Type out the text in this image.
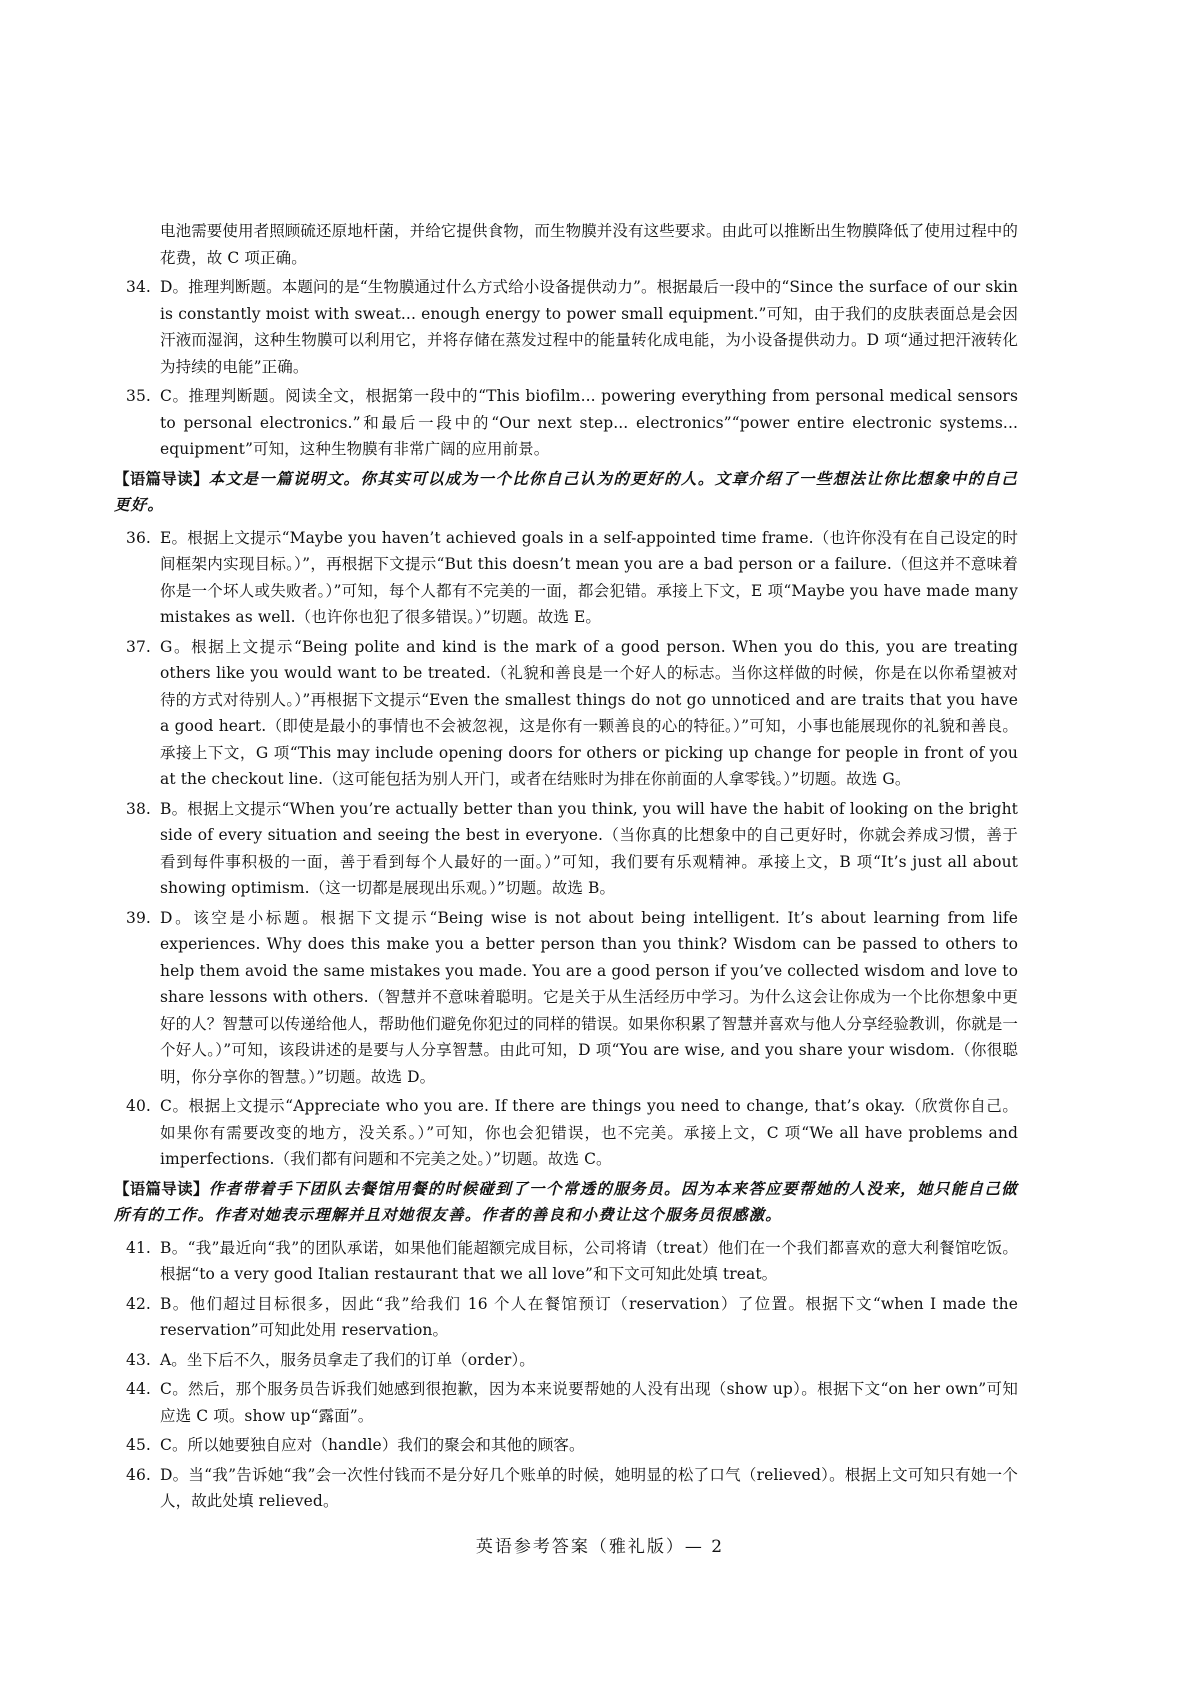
电池需要使用者照顾硫还原地杆菌，并给它提供食物，而生物膜并没有这些要求。由此可以推断出生物膜降低了使用过程中的花费，故 C 项正确。

34. D。推理判断题。本题问的是“生物膜通过什么方式给小设备提供动力”。根据最后一段中的“Since the surface of our skin is constantly moist with sweat... enough energy to power small equipment.”可知，由于我们的皮肤表面总是会因汗液而湿润，这种生物膜可以利用它，并将存储在蒸发过程中的能量转化成电能，为小设备提供动力。D 项“通过把汗液转化为持续的电能”正确。
35. C。推理判断题。阅读全文，根据第一段中的“This biofilm... powering everything from personal medical sensors to personal electronics.”和最后一段中的“Our next step... electronics”“power entire electronic systems... equipment”可知，这种生物膜有非常广阔的应用前景。

【语篇导读】本文是一篇说明文。你其实可以成为一个比你自己认为的更好的人。文章介绍了一些想法让你比想象中的自己更好。

36. E。根据上文提示“Maybe you haven’t achieved goals in a self-appointed time frame.（也许你没有在自己设定的时间框架内实现目标。）”，再根据下文提示“But this doesn’t mean you are a bad person or a failure.（但这并不意味着你是一个坏人或失败者。）”可知，每个人都有不完美的一面，都会犯错。承接上下文，E 项“Maybe you have made many mistakes as well.（也许你也犯了很多错误。）”切题。故选 E。
37. G。根据上文提示“Being polite and kind is the mark of a good person. When you do this, you are treating others like you would want to be treated.（礼貌和善良是一个好人的标志。当你这样做的时候，你是在以你希望被对待的方式对待别人。）”再根据下文提示“Even the smallest things do not go unnoticed and are traits that you have a good heart.（即使是最小的事情也不会被忽视，这是你有一颗善良的心的特征。）”可知，小事也能展现你的礼貌和善良。承接上下文，G 项“This may include opening doors for others or picking up change for people in front of you at the checkout line.（这可能包括为别人开门，或者在结账时为排在你前面的人拿零钱。）”切题。故选 G。
38. B。根据上文提示“When you’re actually better than you think, you will have the habit of looking on the bright side of every situation and seeing the best in everyone.（当你真的比想象中的自己更好时，你就会养成习惯，善于看到每件事积极的一面，善于看到每个人最好的一面。）”可知，我们要有乐观精神。承接上文，B 项“It’s just all about showing optimism.（这一切都是展现出乐观。）”切题。故选 B。
39. D。该空是小标题。根据下文提示“Being wise is not about being intelligent. It’s about learning from life experiences. Why does this make you a better person than you think? Wisdom can be passed to others to help them avoid the same mistakes you made. You are a good person if you’ve collected wisdom and love to share lessons with others.（智慧并不意味着聪明。它是关于从生活经历中学习。为什么这会让你成为一个比你想象中更好的人？智慧可以传递给他人，帮助他们避免你犯过的同样的错误。如果你积累了智慧并喜欢与他人分享经验教训，你就是一个好人。）”可知，该段讲述的是要与人分享智慧。由此可知，D 项“You are wise, and you share your wisdom.（你很聪明，你分享你的智慧。）”切题。故选 D。
40. C。根据上文提示“Appreciate who you are. If there are things you need to change, that’s okay.（欣赏你自己。如果你有需要改变的地方，没关系。）”可知，你也会犯错误，也不完美。承接上文，C 项“We all have problems and imperfections.（我们都有问题和不完美之处。）”切题。故选 C。

【语篇导读】作者带着手下团队去餐馆用餐的时候碰到了一个常透的服务员。因为本来答应要帮她的人没来，她只能自己做所有的工作。作者对她表示理解并且对她很友善。作者的善良和小费让这个服务员很感激。

41. B。“我”最近向“我”的团队承诺，如果他们能超额完成目标，公司将请（treat）他们在一个我们都喜欢的意大利餐馆吃饭。根据“to a very good Italian restaurant that we all love”和下文可知此处填 treat。
42. B。他们超过目标很多，因此“我”给我们 16 个人在餐馆预订（reservation）了位置。根据下文“when I made the reservation”可知此处用 reservation。
43. A。坐下后不久，服务员拿走了我们的订单（order）。
44. C。然后，那个服务员告诉我们她感到很抱歉，因为本来说要帮她的人没有出现（show up）。根据下文“on her own”可知应选 C 项。show up“露面”。
45. C。所以她要独自应对（handle）我们的聚会和其他的顾客。
46. D。当“我”告诉她“我”会一次性付钱而不是分好几个账单的时候，她明显的松了口气（relieved）。根据上文可知只有她一个人，故此处填 relieved。
英语参考答案（雅礼版）— 2
